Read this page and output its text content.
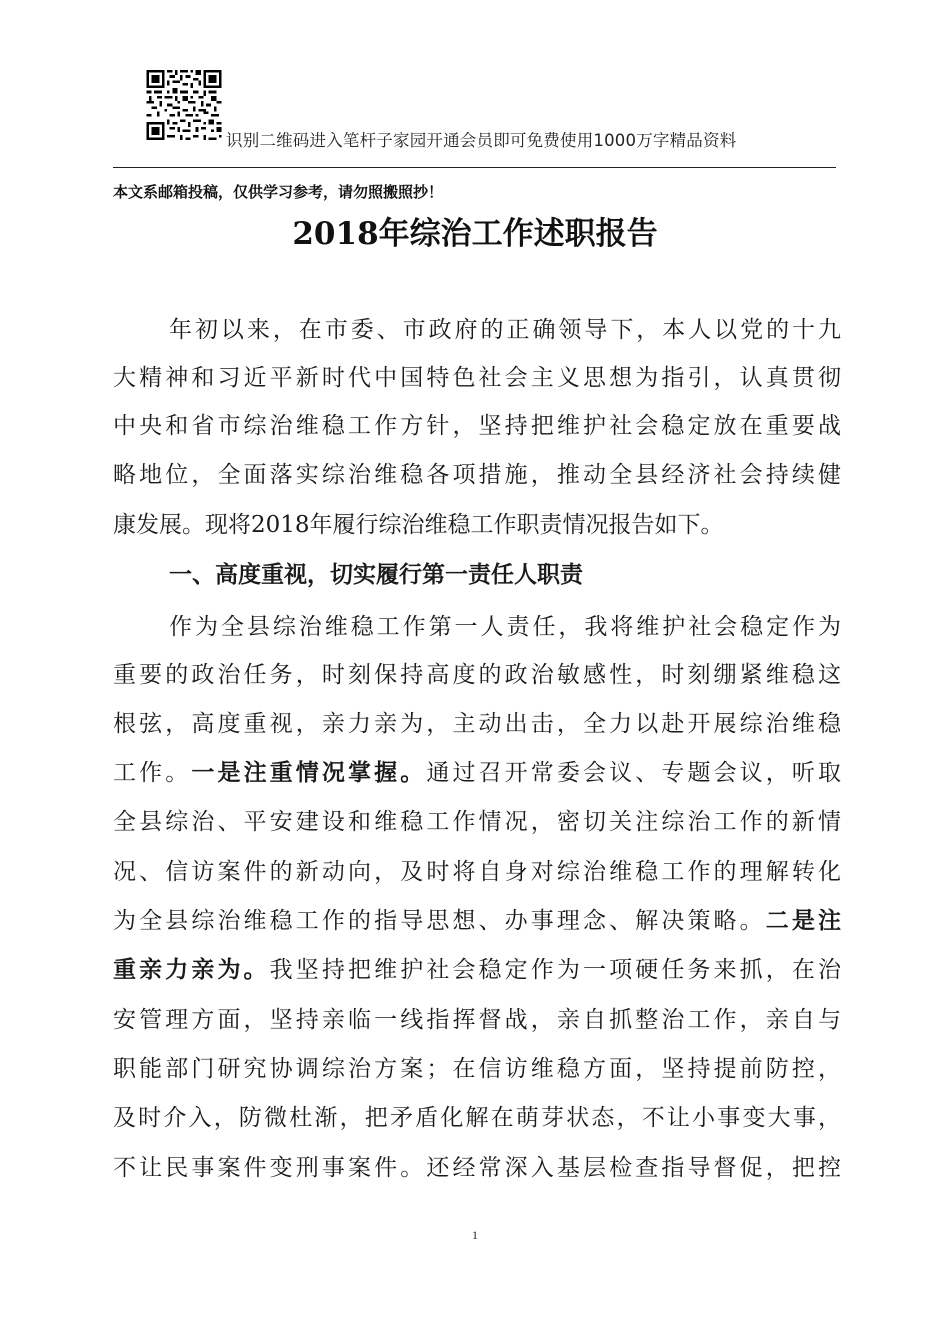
识别二维码进入笔杆子家园开通会员即可免费使用1000万字精品资料
本文系邮箱投稿，仅供学习参考，请勿照搬照抄！
2018年综治工作述职报告
年初以来，在市委、市政府的正确领导下，本人以党的十九
大精神和习近平新时代中国特色社会主义思想为指引，认真贯彻
中央和省市综治维稳工作方针，坚持把维护社会稳定放在重要战
略地位，全面落实综治维稳各项措施，推动全县经济社会持续健
康发展。现将2018年履行综治维稳工作职责情况报告如下。
一、高度重视，切实履行第一责任人职责
作为全县综治维稳工作第一人责任，我将维护社会稳定作为
重要的政治任务，时刻保持高度的政治敏感性，时刻绷紧维稳这
根弦，高度重视，亲力亲为，主动出击，全力以赴开展综治维稳
工作。一是注重情况掌握。通过召开常委会议、专题会议，听取
全县综治、平安建设和维稳工作情况，密切关注综治工作的新情
况、信访案件的新动向，及时将自身对综治维稳工作的理解转化
为全县综治维稳工作的指导思想、办事理念、解决策略。二是注
重亲力亲为。我坚持把维护社会稳定作为一项硬任务来抓，在治
安管理方面，坚持亲临一线指挥督战，亲自抓整治工作，亲自与
职能部门研究协调综治方案；在信访维稳方面，坚持提前防控，
及时介入，防微杜渐，把矛盾化解在萌芽状态，不让小事变大事，
不让民事案件变刑事案件。还经常深入基层检查指导督促，把控
1
